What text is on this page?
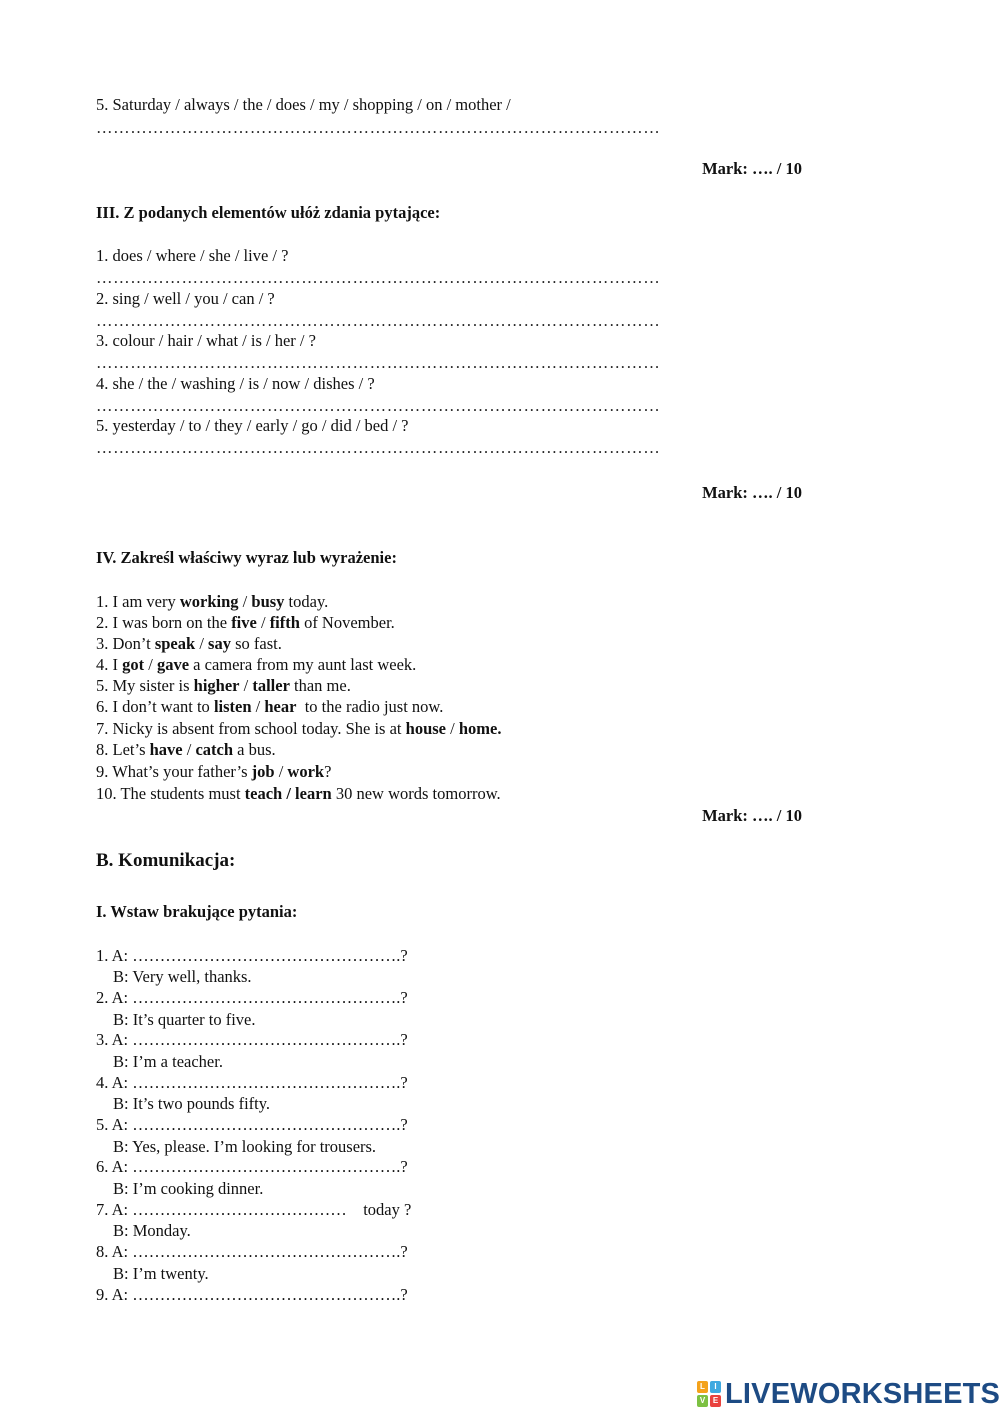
5. Saturday / always / the / does / my / shopping / on / mother /
………………………………………………………………………………………
Mark: …. / 10
III. Z podanych elementów ułóż zdania pytające:
1. does / where / she / live / ?
………………………………………………………………………………………
2. sing / well / you / can / ?
………………………………………………………………………………………
3. colour / hair / what / is / her / ?
………………………………………………………………………………………
4. she / the / washing / is / now / dishes / ?
………………………………………………………………………………………
5. yesterday / to / they / early / go / did / bed / ?
………………………………………………………………………………………
Mark: …. / 10
IV. Zakreśl właściwy wyraz lub wyrażenie:
1. I am very working / busy today.
2. I was born on the five / fifth of November.
3. Don’t speak / say so fast.
4. I got / gave a camera from my aunt last week.
5. My sister is higher / taller than me.
6. I don’t want to listen / hear  to the radio just now.
7. Nicky is absent from school today. She is at house / home.
8. Let’s have / catch a bus.
9. What’s your father’s job / work?
10. The students must teach / learn 30 new words tomorrow.
Mark: …. / 10
B. Komunikacja:
I. Wstaw brakujące pytania:
1. A: ………………………………………….?
B: Very well, thanks.
2. A: ………………………………………….?
B: It’s quarter to five.
3. A: ………………………………………….?
B: I’m a teacher.
4. A: ………………………………………….?
B: It’s two pounds fifty.
5. A: ………………………………………….?
B: Yes, please. I’m looking for trousers.
6. A: ………………………………………….?
B: I’m cooking dinner.
7. A: …………………………………    today ?
B: Monday.
8. A: ………………………………………….?
B: I’m twenty.
9. A: ………………………………………….?
L	I
V E LIVEWORKSHEETS
